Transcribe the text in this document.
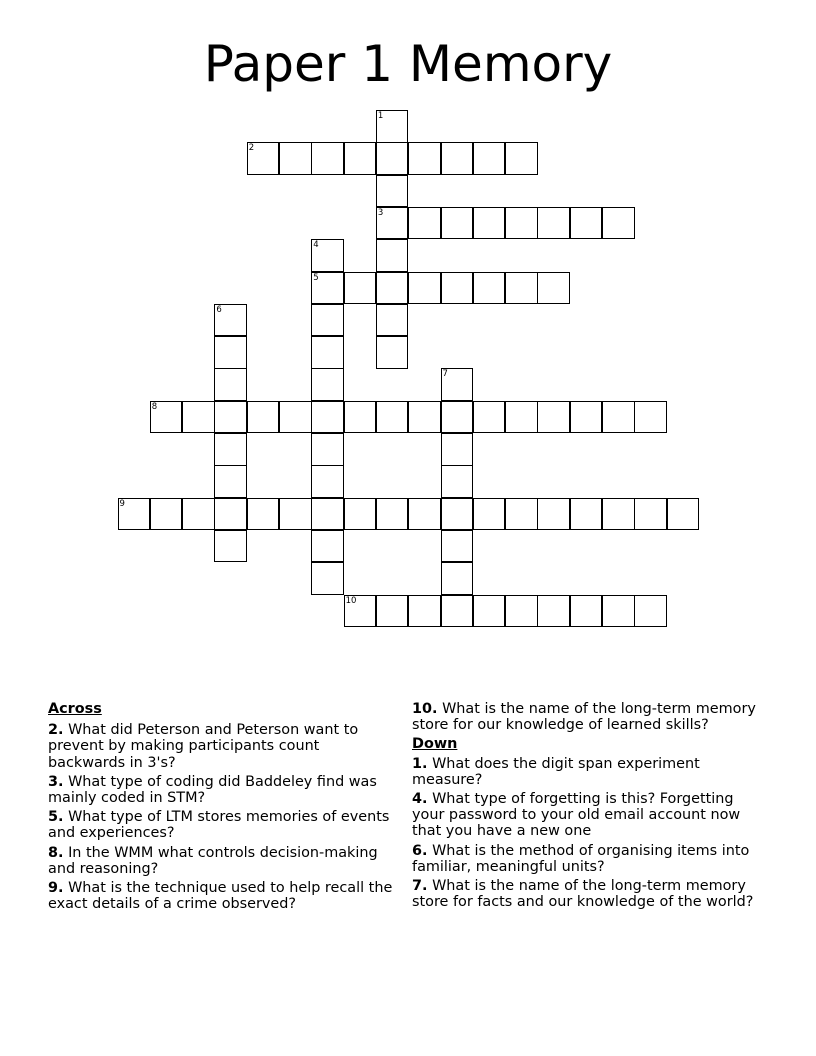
Paper 1 Memory
1
3
2
4
5
6
7
8
9
10
Across
2. What did Peterson and Peterson want to prevent by making participants count backwards in 3's?
3. What type of coding did Baddeley find was mainly coded in STM?
5. What type of LTM stores memories of events and experiences?
8. In the WMM what controls decision-making and reasoning?
9. What is the technique used to help recall the exact details of a crime observed?
10. What is the name of the long-term memory store for our knowledge of learned skills?
Down
1. What does the digit span experiment measure?
4. What type of forgetting is this? Forgetting your password to your old email account now that you have a new one
6. What is the method of organising items into familiar, meaningful units?
7. What is the name of the long-term memory store for facts and our knowledge of the world?
